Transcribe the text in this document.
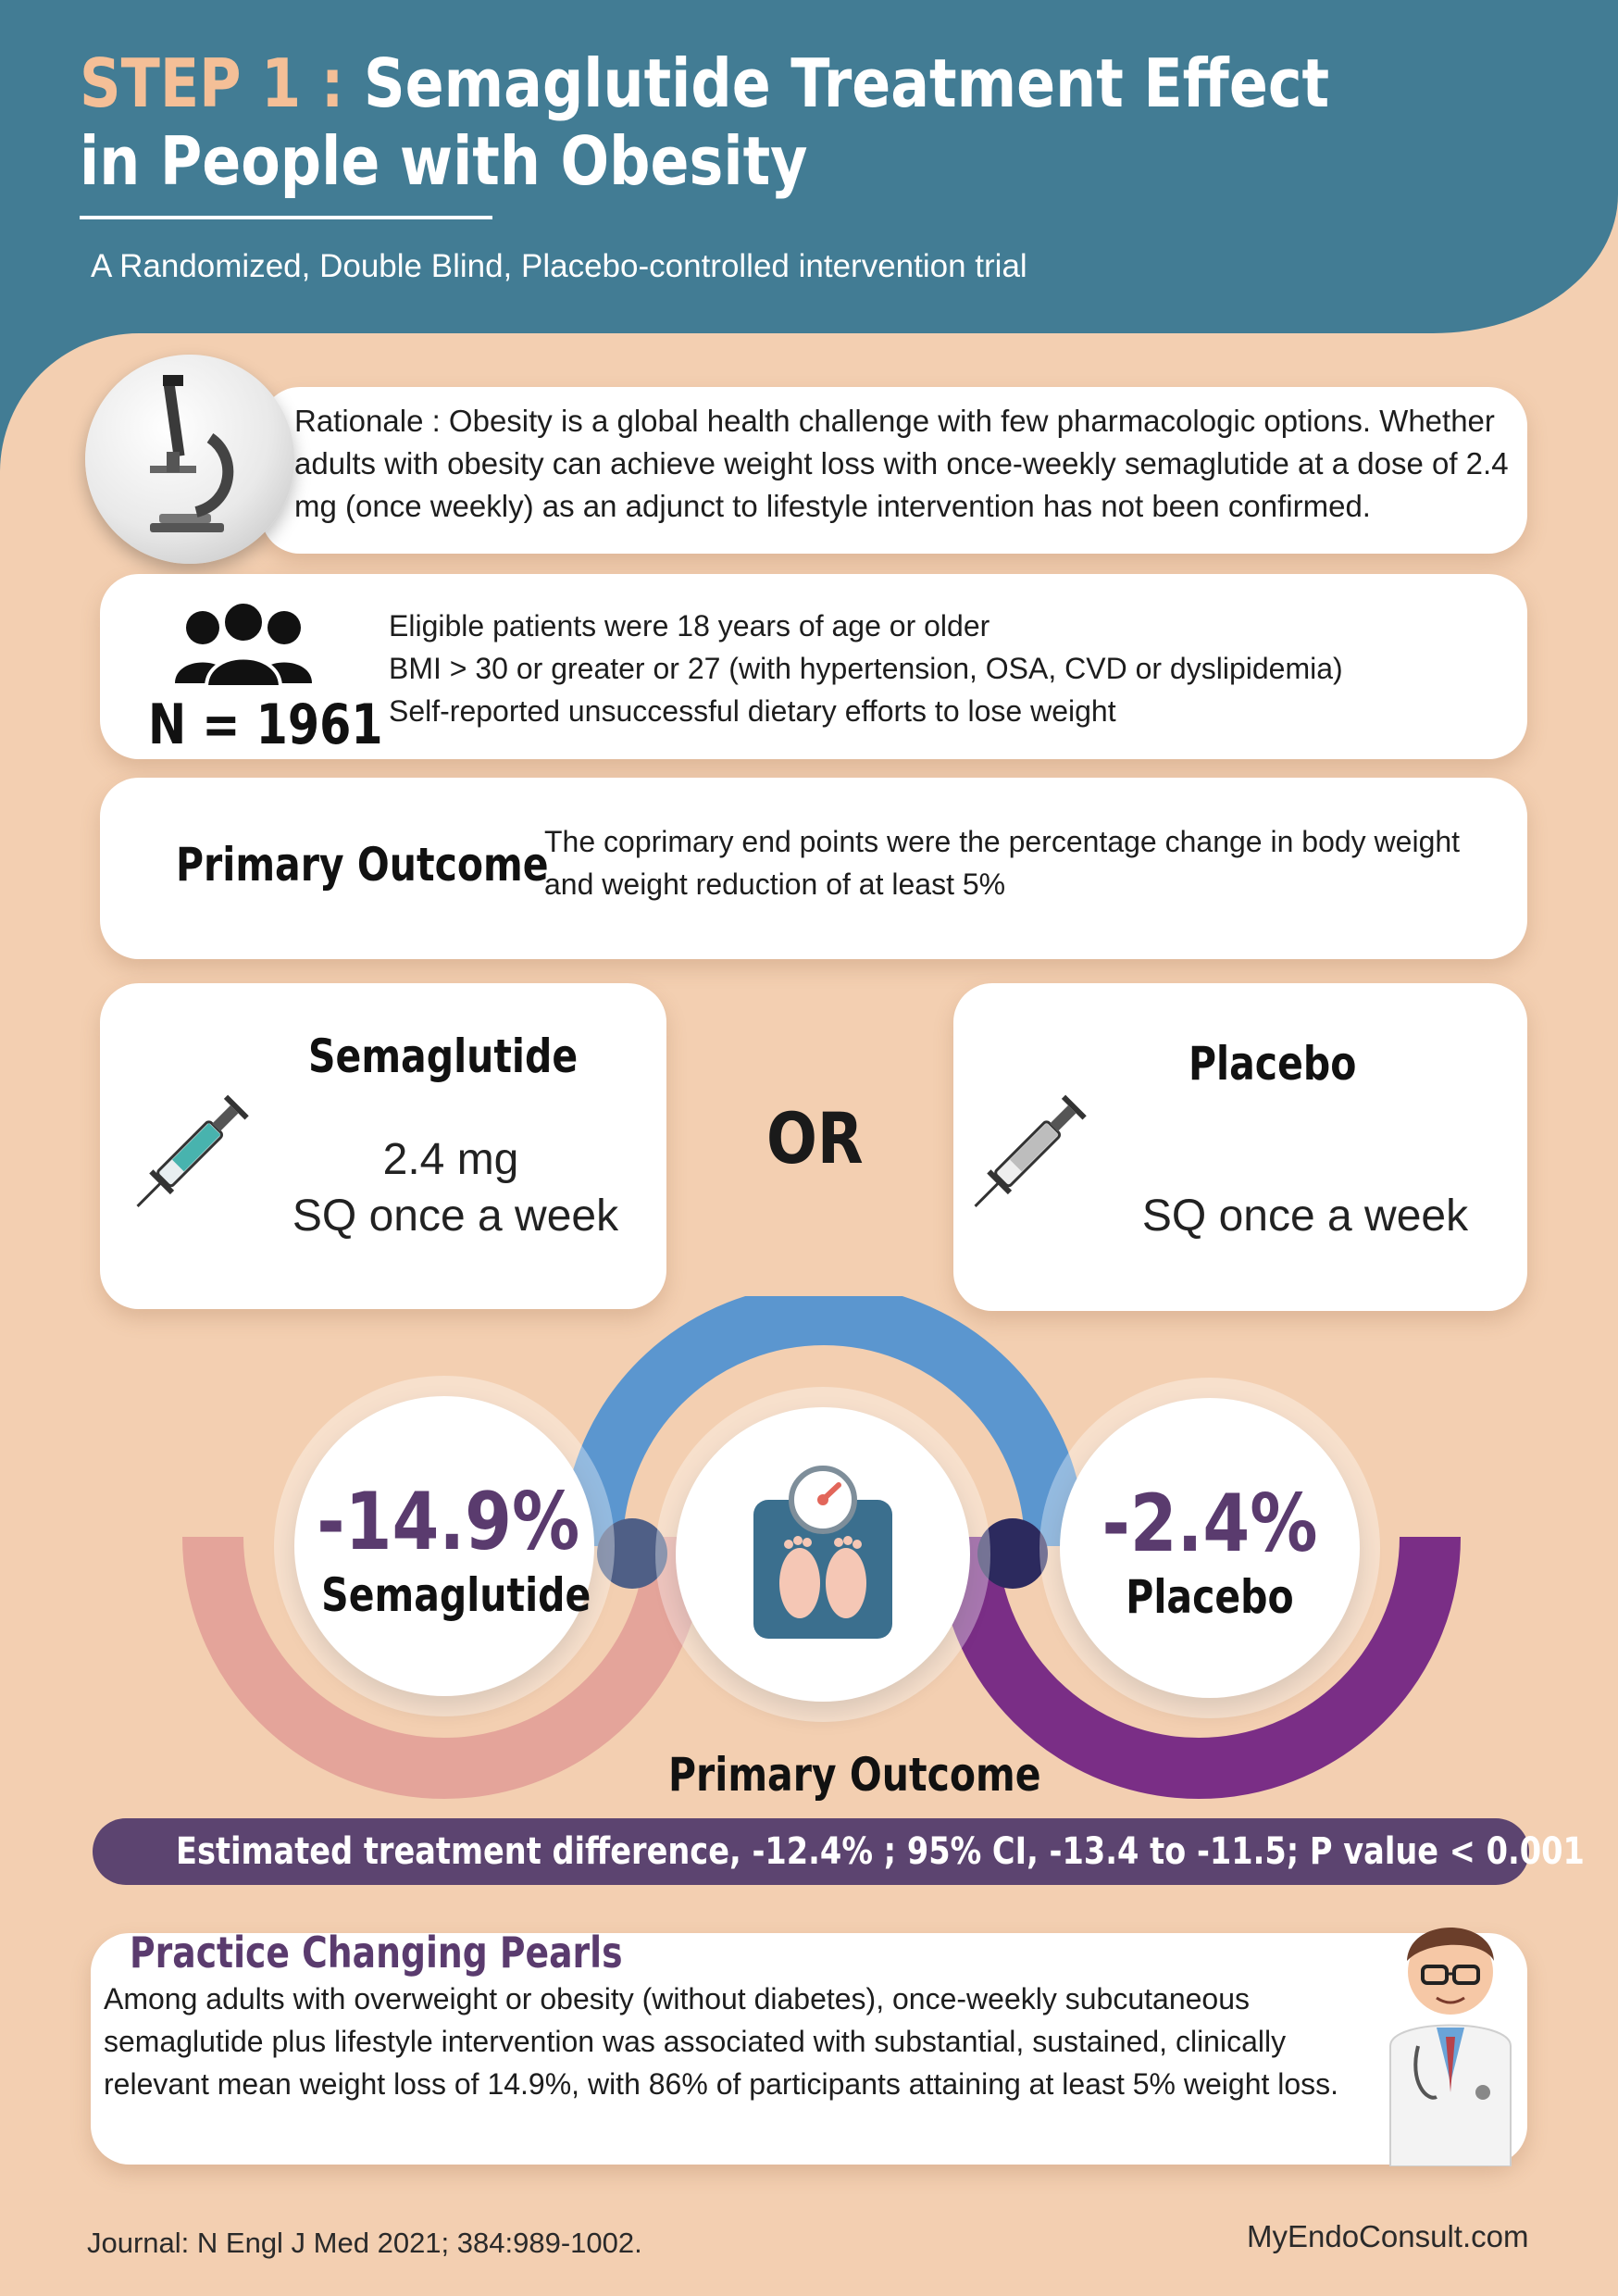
STEP 1 : Semaglutide Treatment Effect in People with Obesity
A Randomized, Double Blind, Placebo-controlled intervention trial
Rationale : Obesity is a global health challenge with few pharmacologic options. Whether adults with obesity can achieve weight loss with once-weekly semaglutide at a dose of 2.4 mg (once weekly) as an adjunct to lifestyle intervention has not been confirmed.
N = 1961
Eligible patients were 18 years of age or older
BMI > 30 or greater or 27 (with hypertension, OSA, CVD or dyslipidemia)
Self-reported unsuccessful dietary efforts to lose weight
Primary Outcome
The coprimary end points were the percentage change in body weight and weight reduction of at least 5%
Semaglutide
2.4 mg
SQ once a week
OR
Placebo
SQ once a week
-14.9%
Semaglutide
-2.4%
Placebo
Primary Outcome
Estimated treatment difference, -12.4% ; 95% CI, -13.4 to -11.5; P value < 0.001
Practice Changing Pearls
Among adults with overweight or obesity (without diabetes), once-weekly subcutaneous semaglutide plus lifestyle intervention was associated with substantial, sustained, clinically relevant mean weight loss of 14.9%, with 86% of participants attaining at least 5% weight loss.
Journal: N Engl J Med 2021; 384:989-1002.	MyEndoConsult.com
